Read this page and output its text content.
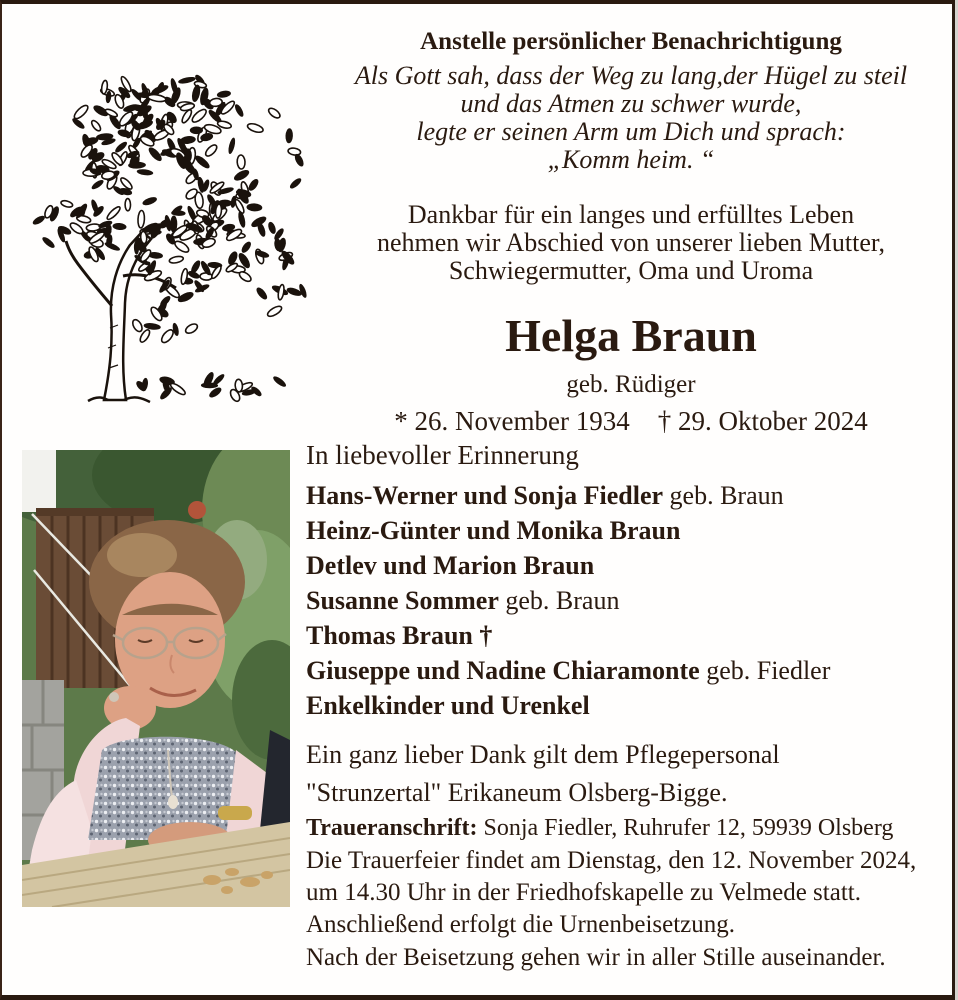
Anstelle persönlicher Benachrichtigung
Als Gott sah, dass der Weg zu lang,der Hügel zu steil
und das Atmen zu schwer wurde,
legte er seinen Arm um Dich und sprach:
„Komm heim. “
Dankbar für ein langes und erfülltes Leben
nehmen wir Abschied von unserer lieben Mutter,
Schwiegermutter, Oma und Uroma
Helga Braun
geb. Rüdiger
* 26. November 1934 † 29. Oktober 2024
In liebevoller Erinnerung
Hans-Werner und Sonja Fiedler geb. Braun
Heinz-Günter und Monika Braun
Detlev und Marion Braun
Susanne Sommer geb. Braun
Thomas Braun †
Giuseppe und Nadine Chiaramonte geb. Fiedler
Enkelkinder und Urenkel
Ein ganz lieber Dank gilt dem Pflegepersonal
"Strunzertal" Erikaneum Olsberg-Bigge.
Traueranschrift: Sonja Fiedler, Ruhrufer 12, 59939 Olsberg
Die Trauerfeier findet am Dienstag, den 12. November 2024,
um 14.30 Uhr in der Friedhofskapelle zu Velmede statt.
Anschließend erfolgt die Urnenbeisetzung.
Nach der Beisetzung gehen wir in aller Stille auseinander.
